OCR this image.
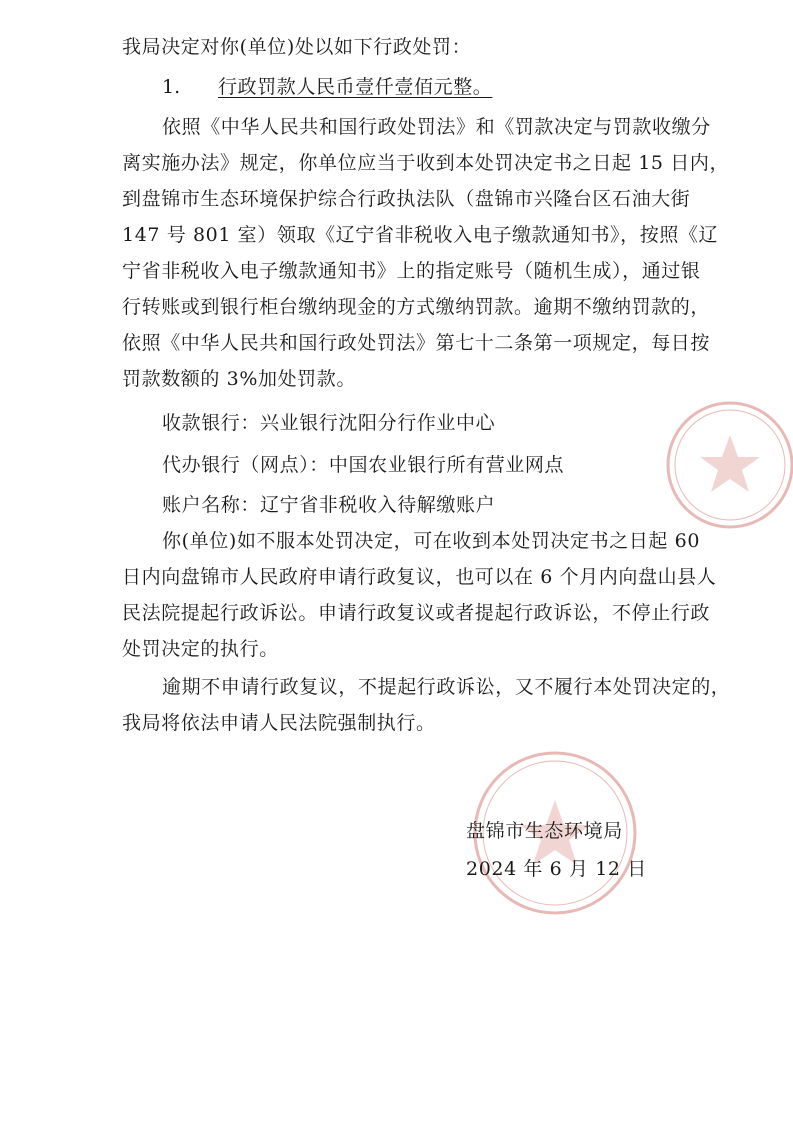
我局决定对你(单位)处以如下行政处罚：
1. 行政罚款人民币壹仟壹佰元整。
依照《中华人民共和国行政处罚法》和《罚款决定与罚款收缴分
离实施办法》规定，你单位应当于收到本处罚决定书之日起 15 日内，
到盘锦市生态环境保护综合行政执法队（盘锦市兴隆台区石油大街
147 号 801 室）领取《辽宁省非税收入电子缴款通知书》，按照《辽
宁省非税收入电子缴款通知书》上的指定账号（随机生成），通过银
行转账或到银行柜台缴纳现金的方式缴纳罚款。逾期不缴纳罚款的，
依照《中华人民共和国行政处罚法》第七十二条第一项规定，每日按
罚款数额的 3%加处罚款。
收款银行：兴业银行沈阳分行作业中心
代办银行（网点）：中国农业银行所有营业网点
账户名称：辽宁省非税收入待解缴账户
你(单位)如不服本处罚决定，可在收到本处罚决定书之日起 60
日内向盘锦市人民政府申请行政复议，也可以在 6 个月内向盘山县人
民法院提起行政诉讼。申请行政复议或者提起行政诉讼，不停止行政
处罚决定的执行。
逾期不申请行政复议，不提起行政诉讼，又不履行本处罚决定的，
我局将依法申请人民法院强制执行。
盘锦市生态环境局
2024 年 6 月 12 日
